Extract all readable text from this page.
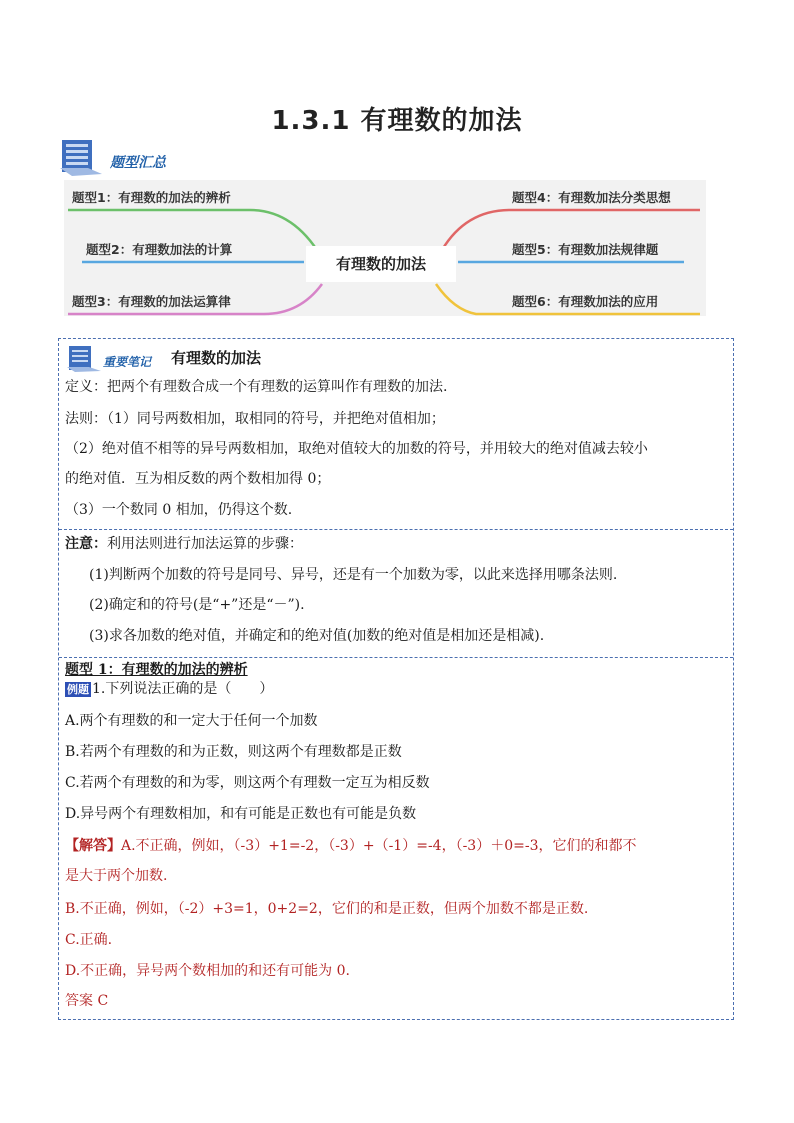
1.3.1 有理数的加法
题型汇总
题型1：有理数的加法的辨析
题型2：有理数加法的计算
题型3：有理数的加法运算律
题型4：有理数加法分类思想
题型5：有理数加法规律题
题型6：有理数加法的应用
有理数的加法
重要笔记 有理数的加法
定义：把两个有理数合成一个有理数的运算叫作有理数的加法.
法则：（1）同号两数相加，取相同的符号，并把绝对值相加；
（2）绝对值不相等的异号两数相加，取绝对值较大的加数的符号，并用较大的绝对值减去较小
的绝对值．互为相反数的两个数相加得 0；
（3）一个数同 0 相加，仍得这个数.
注意：利用法则进行加法运算的步骤：
(1)判断两个加数的符号是同号、异号，还是有一个加数为零，以此来选择用哪条法则.
(2)确定和的符号(是“+”还是“－”).
(3)求各加数的绝对值，并确定和的绝对值(加数的绝对值是相加还是相减).
题型 1：有理数的加法的辨析
例题 1.下列说法正确的是（　　）
A.两个有理数的和一定大于任何一个加数
B.若两个有理数的和为正数，则这两个有理数都是正数
C.若两个有理数的和为零，则这两个有理数一定互为相反数
D.异号两个有理数相加，和有可能是正数也有可能是负数
【解答】A.不正确，例如，（-3）+1=-2，（-3）+（-1）=-4，（-3）＋0=-3，它们的和都不
是大于两个加数.
B.不正确，例如，（-2）+3=1，0+2=2，它们的和是正数，但两个加数不都是正数.
C.正确.
D.不正确，异号两个数相加的和还有可能为 0.
答案 C
